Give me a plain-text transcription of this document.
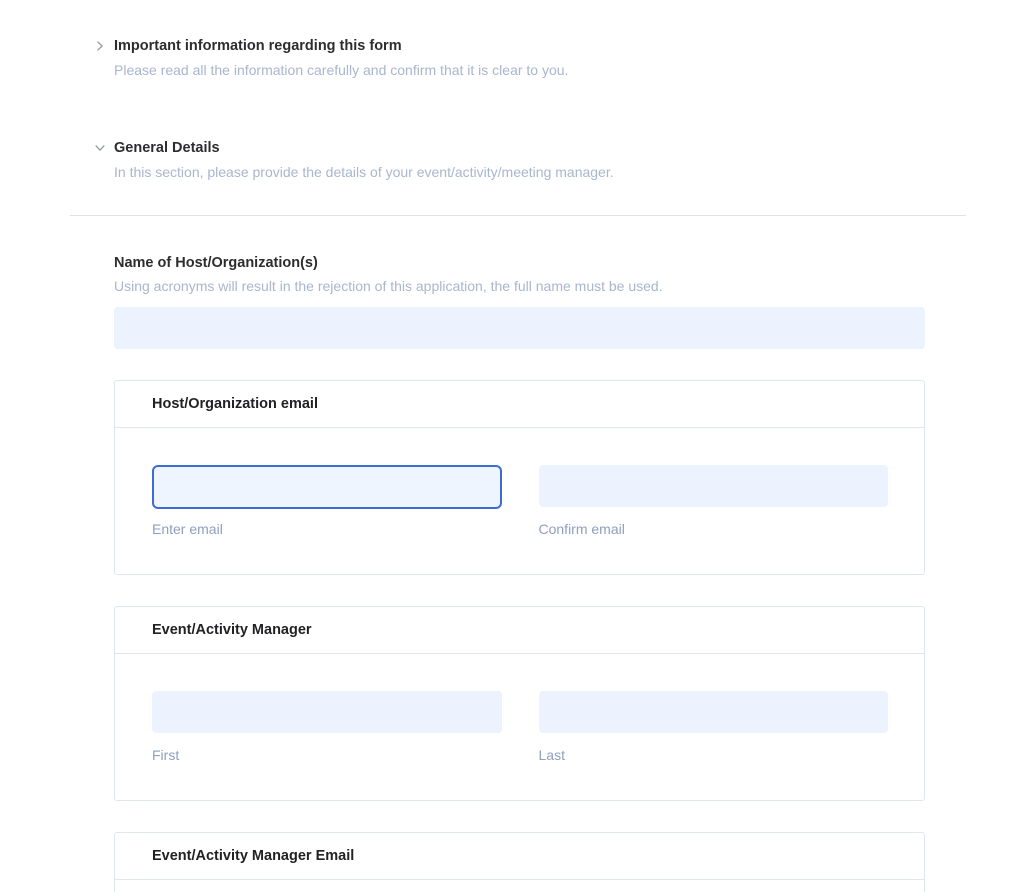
Important information regarding this form
Please read all the information carefully and confirm that it is clear to you.
General Details
In this section, please provide the details of your event/activity/meeting manager.
Name of Host/Organization(s)
Using acronyms will result in the rejection of this application, the full name must be used.
Host/Organization email
Enter email	Confirm email
Event/Activity Manager
First	Last
Event/Activity Manager Email
